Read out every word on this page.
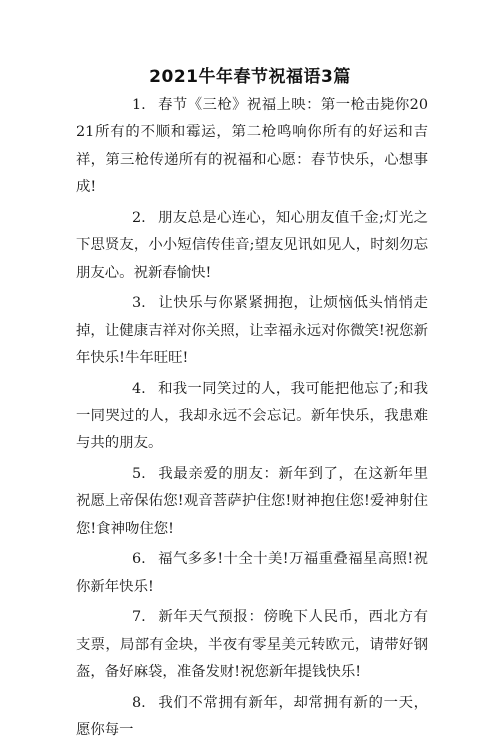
2021牛年春节祝福语3篇

1. 春节《三枪》祝福上映：第一枪击毙你2021所有的不顺和霉运，第二枪鸣响你所有的好运和吉祥，第三枪传递所有的祝福和心愿：春节快乐，心想事成!

2. 朋友总是心连心，知心朋友值千金;灯光之下思贤友，小小短信传佳音;望友见讯如见人，时刻勿忘朋友心。祝新春愉快!

3. 让快乐与你紧紧拥抱，让烦恼低头悄悄走掉，让健康吉祥对你关照，让幸福永远对你微笑!祝您新年快乐!牛年旺旺!

4. 和我一同笑过的人，我可能把他忘了;和我一同哭过的人，我却永远不会忘记。新年快乐，我患难与共的朋友。

5. 我最亲爱的朋友：新年到了，在这新年里祝愿上帝保佑您!观音菩萨护住您!财神抱住您!爱神射住您!食神吻住您!

6. 福气多多!十全十美!万福重叠福星高照!祝你新年快乐!

7. 新年天气预报：傍晚下人民币，西北方有支票，局部有金块，半夜有零星美元转欧元，请带好钢盔，备好麻袋，准备发财!祝您新年提钱快乐!

8. 我们不常拥有新年，却常拥有新的一天，愿你每一
